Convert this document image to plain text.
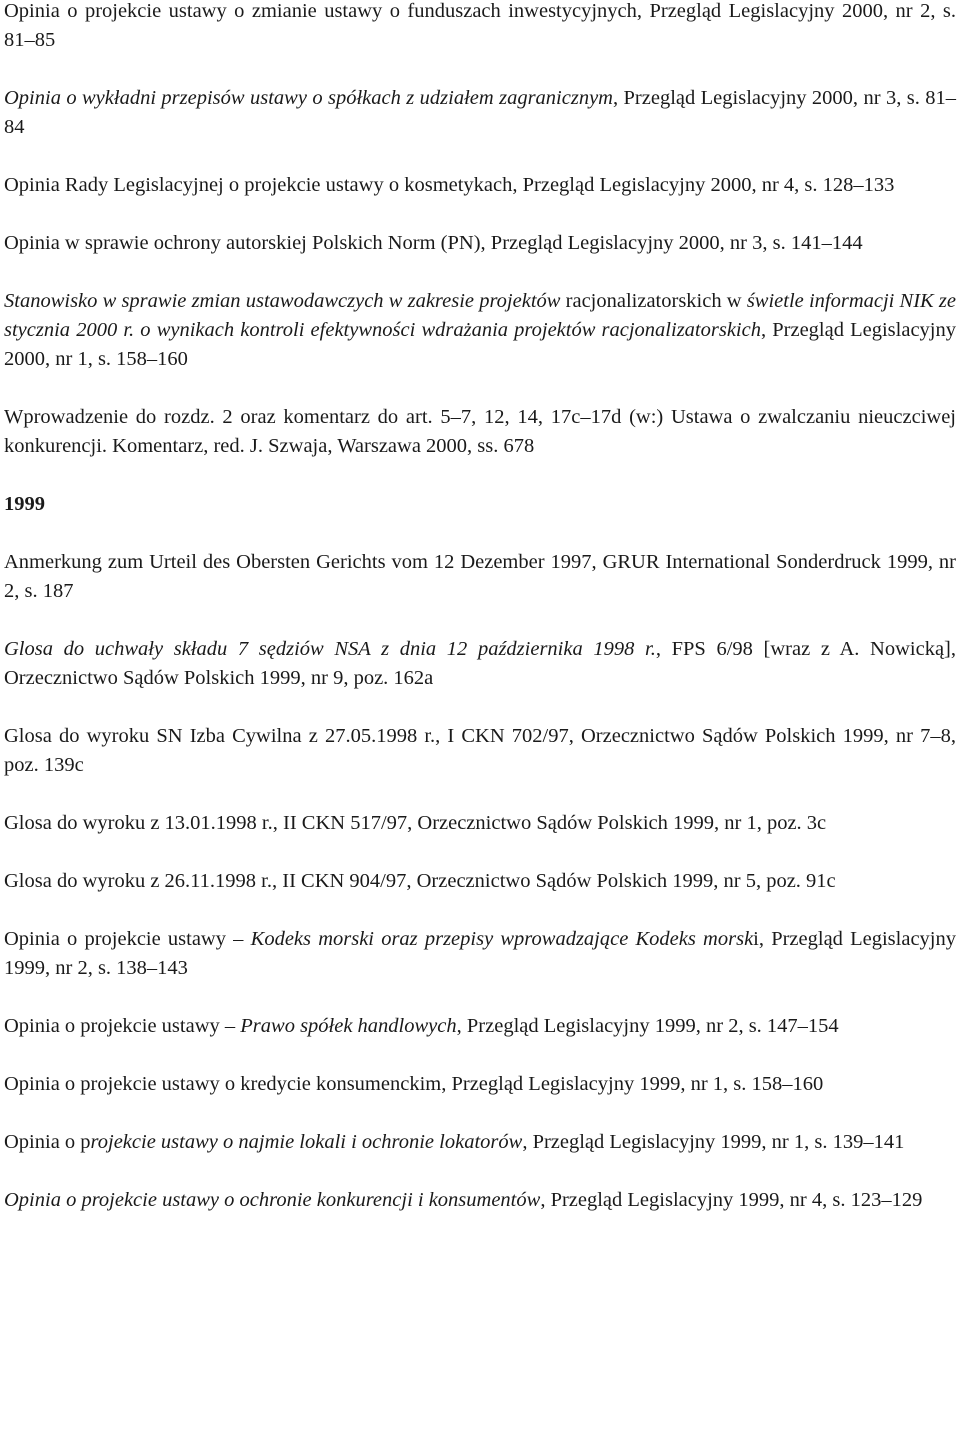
Opinia o projekcie ustawy o zmianie ustawy o funduszach inwestycyjnych, Przegląd Legislacyjny 2000, nr 2, s. 81–85
Opinia o wykładni przepisów ustawy o spółkach z udziałem zagranicznym, Przegląd Legislacyjny 2000, nr 3, s. 81–84
Opinia Rady Legislacyjnej o projekcie ustawy o kosmetykach, Przegląd Legislacyjny 2000, nr 4, s. 128–133
Opinia w sprawie ochrony autorskiej Polskich Norm (PN), Przegląd Legislacyjny 2000, nr 3, s. 141–144
Stanowisko w sprawie zmian ustawodawczych w zakresie projektów racjonalizatorskich w świetle informacji NIK ze stycznia 2000 r. o wynikach kontroli efektywności wdrażania projektów racjonalizatorskich, Przegląd Legislacyjny 2000, nr 1, s. 158–160
Wprowadzenie do rozdz. 2 oraz komentarz do art. 5–7, 12, 14, 17c–17d (w:) Ustawa o zwalczaniu nieuczciwej konkurencji. Komentarz, red. J. Szwaja, Warszawa 2000, ss. 678
1999
Anmerkung zum Urteil des Obersten Gerichts vom 12 Dezember 1997, GRUR International Sonderdruck 1999, nr 2, s. 187
Glosa do uchwały składu 7 sędziów NSA z dnia 12 października 1998 r., FPS 6/98 [wraz z A. Nowicką], Orzecznictwo Sądów Polskich 1999, nr 9, poz. 162a
Glosa do wyroku SN Izba Cywilna z 27.05.1998 r., I CKN 702/97, Orzecznictwo Sądów Polskich 1999, nr 7–8, poz. 139c
Glosa do wyroku z 13.01.1998 r., II CKN 517/97, Orzecznictwo Sądów Polskich 1999, nr 1, poz. 3c
Glosa do wyroku z 26.11.1998 r., II CKN 904/97, Orzecznictwo Sądów Polskich 1999, nr 5, poz. 91c
Opinia o projekcie ustawy – Kodeks morski oraz przepisy wprowadzające Kodeks morski, Przegląd Legislacyjny 1999, nr 2, s. 138–143
Opinia o projekcie ustawy – Prawo spółek handlowych, Przegląd Legislacyjny 1999, nr 2, s. 147–154
Opinia o projekcie ustawy o kredycie konsumenckim, Przegląd Legislacyjny 1999, nr 1, s. 158–160
Opinia o projekcie ustawy o najmie lokali i ochronie lokatorów, Przegląd Legislacyjny 1999, nr 1, s. 139–141
Opinia o projekcie ustawy o ochronie konkurencji i konsumentów, Przegląd Legislacyjny 1999, nr 4, s. 123–129
